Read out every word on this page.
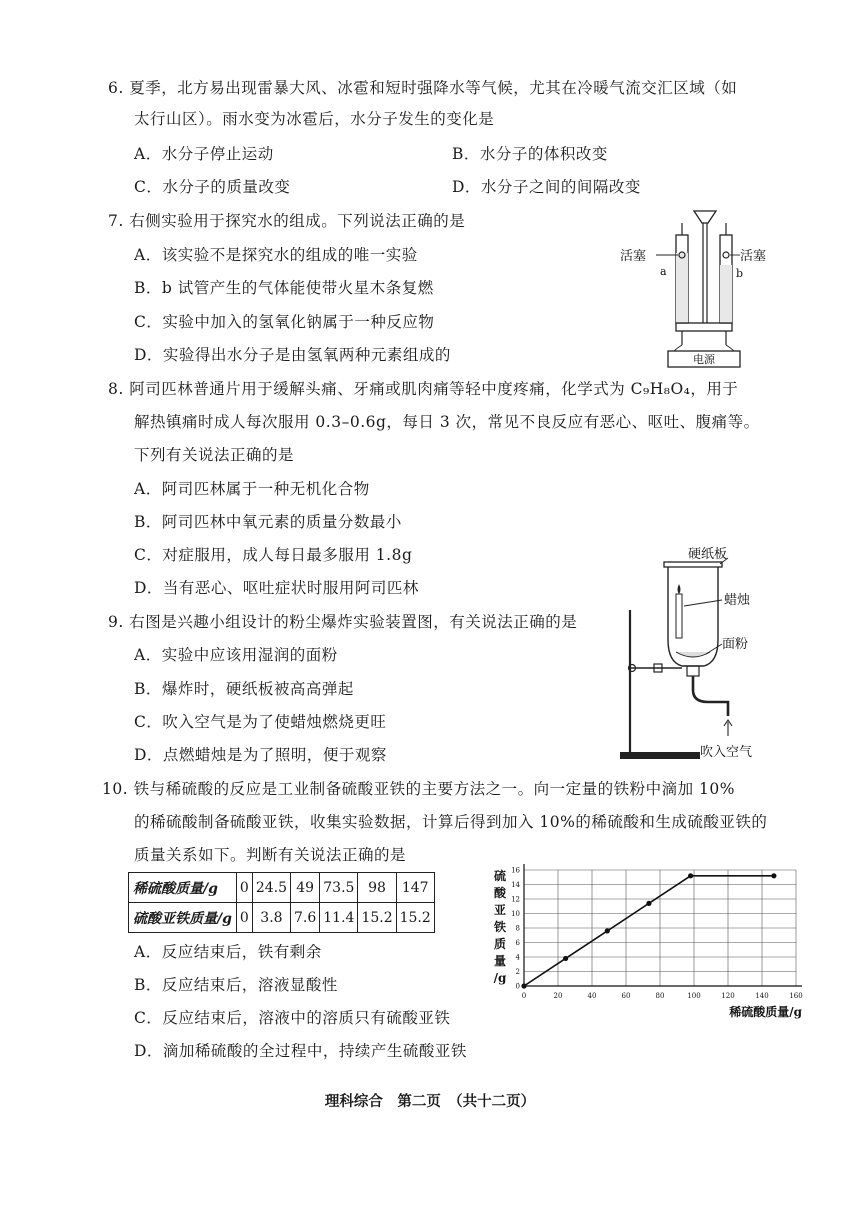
6. 夏季，北方易出现雷暴大风、冰雹和短时强降水等气候，尤其在冷暖气流交汇区域（如
太行山区）。雨水变为冰雹后，水分子发生的变化是
A．水分子停止运动	B．水分子的体积改变
C．水分子的质量改变	D．水分子之间的间隔改变
7. 右侧实验用于探究水的组成。下列说法正确的是
A．该实验不是探究水的组成的唯一实验
B．b 试管产生的气体能使带火星木条复燃
C．实验中加入的氢氧化钠属于一种反应物
D．实验得出水分子是由氢氧两种元素组成的	电源
活塞	活塞
a	b
8. 阿司匹林普通片用于缓解头痛、牙痛或肌肉痛等轻中度疼痛，化学式为 C₉H₈O₄，用于
解热镇痛时成人每次服用 0.3–0.6g，每日 3 次，常见不良反应有恶心、呕吐、腹痛等。
下列有关说法正确的是
A．阿司匹林属于一种无机化合物
B．阿司匹林中氧元素的质量分数最小
C．对症服用，成人每日最多服用 1.8g
D．当有恶心、呕吐症状时服用阿司匹林
9. 右图是兴趣小组设计的粉尘爆炸实验装置图，有关说法正确的是
A．实验中应该用湿润的面粉
B．爆炸时，硬纸板被高高弹起
C．吹入空气是为了使蜡烛燃烧更旺
D．点燃蜡烛是为了照明，便于观察
硬纸板
蜡烛
面粉
吹入空气
10. 铁与稀硫酸的反应是工业制备硫酸亚铁的主要方法之一。向一定量的铁粉中滴加 10%
的稀硫酸制备硫酸亚铁，收集实验数据，计算后得到加入 10%的稀硫酸和生成硫酸亚铁的
质量关系如下。判断有关说法正确的是
稀硫酸质量/g	0	24.5	49	73.5	98	147
硫酸亚铁质量/g	0	3.8	7.6	11.4	15.2	15.2
A．反应结束后，铁有剩余
B．反应结束后，溶液显酸性
C．反应结束后，溶液中的溶质只有硫酸亚铁
D．滴加稀硫酸的全过程中，持续产生硫酸亚铁
0	20	40	60	80	100	120	140	160
0
2
4
6
8
10
12
14
16
硫
酸
亚
铁
质
量
/g
稀硫酸质量/g
理科综合　第二页　（共十二页）
